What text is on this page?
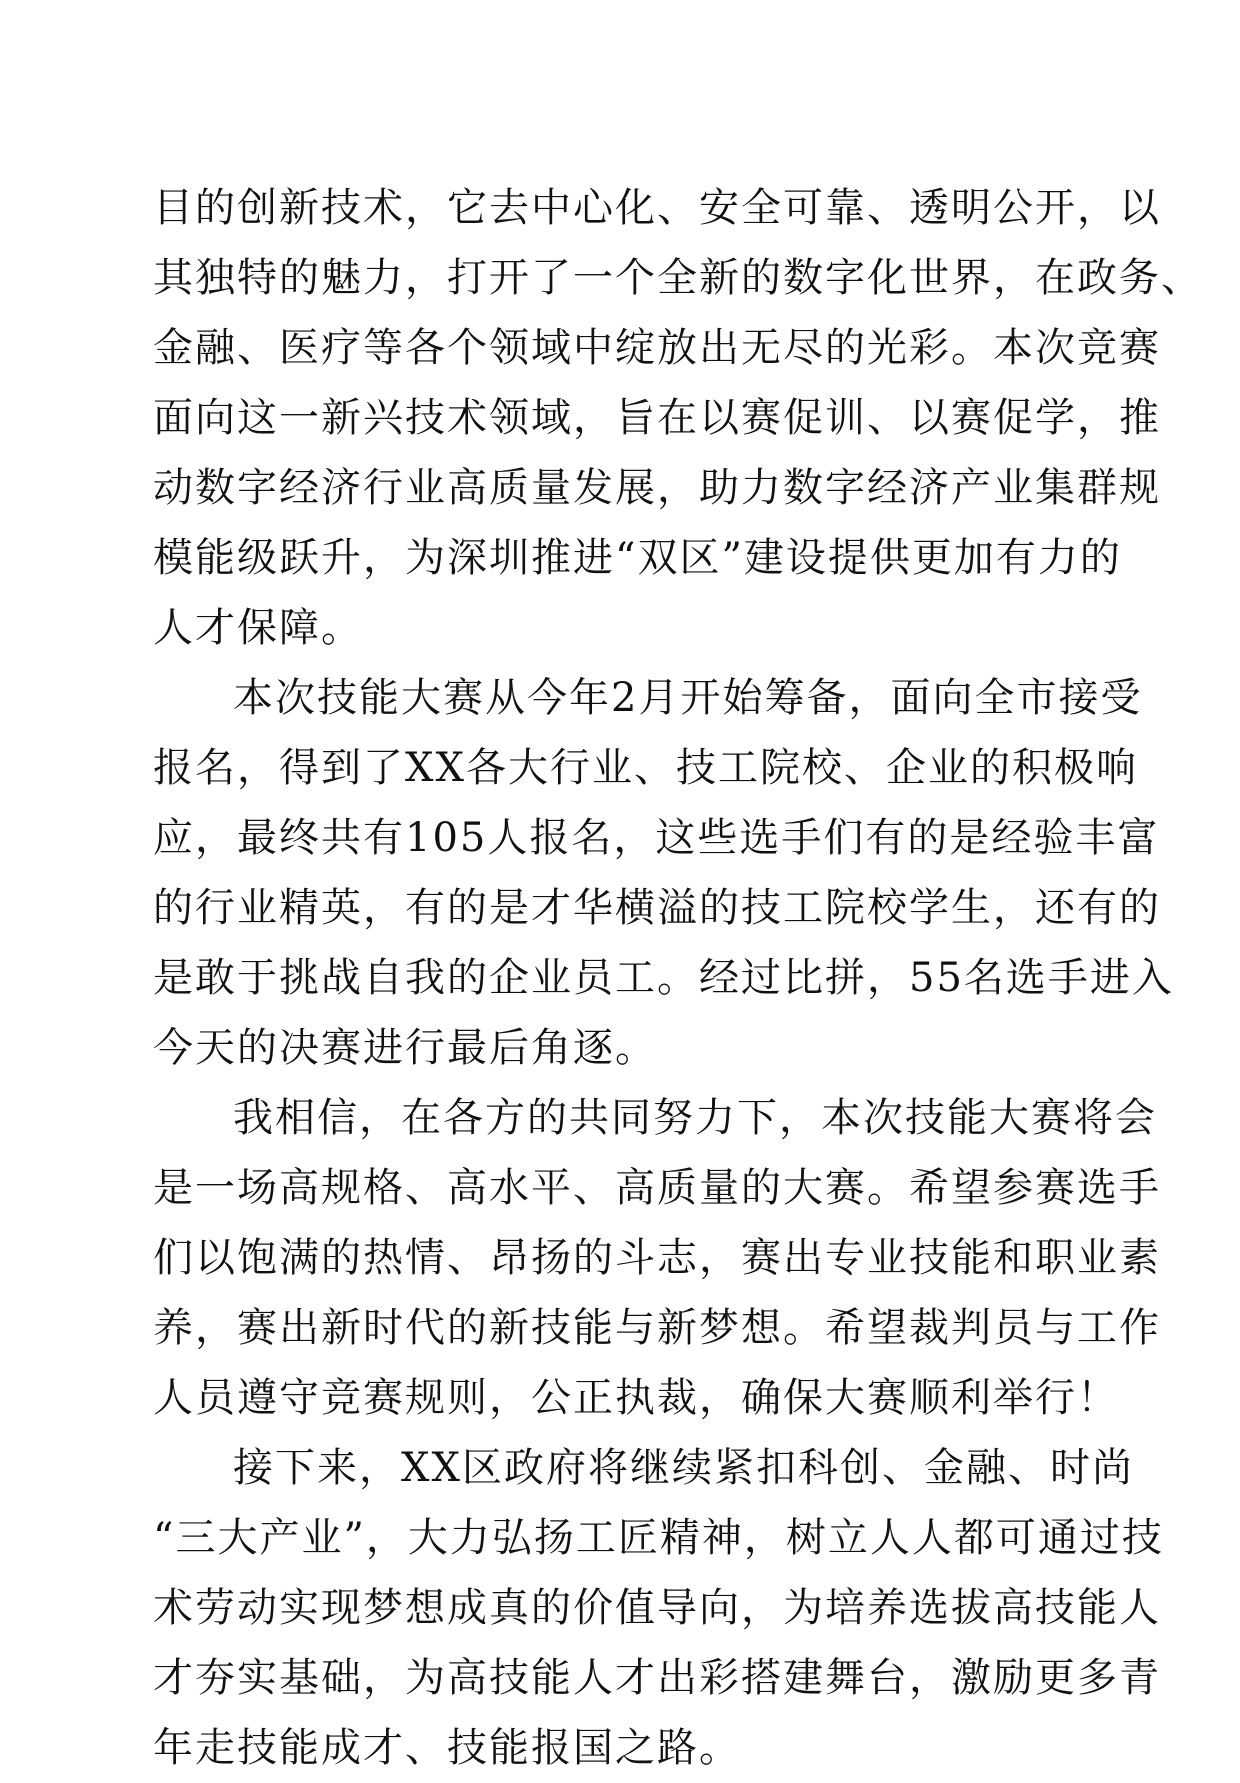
目的创新技术，它去中心化、安全可靠、透明公开，以
其独特的魅力，打开了一个全新的数字化世界，在政务、
金融、医疗等各个领域中绽放出无尽的光彩。本次竞赛
面向这一新兴技术领域，旨在以赛促训、以赛促学，推
动数字经济行业高质量发展，助力数字经济产业集群规
模能级跃升，为深圳推进“双区”建设提供更加有力的
人才保障。
本次技能大赛从今年2月开始筹备，面向全市接受
报名，得到了XX各大行业、技工院校、企业的积极响
应，最终共有105人报名，这些选手们有的是经验丰富
的行业精英，有的是才华横溢的技工院校学生，还有的
是敢于挑战自我的企业员工。经过比拼，55名选手进入
今天的决赛进行最后角逐。
我相信，在各方的共同努力下，本次技能大赛将会
是一场高规格、高水平、高质量的大赛。希望参赛选手
们以饱满的热情、昂扬的斗志，赛出专业技能和职业素
养，赛出新时代的新技能与新梦想。希望裁判员与工作
人员遵守竞赛规则，公正执裁，确保大赛顺利举行！
接下来，XX区政府将继续紧扣科创、金融、时尚
“三大产业”，大力弘扬工匠精神，树立人人都可通过技
术劳动实现梦想成真的价值导向，为培养选拔高技能人
才夯实基础，为高技能人才出彩搭建舞台，激励更多青
年走技能成才、技能报国之路。
